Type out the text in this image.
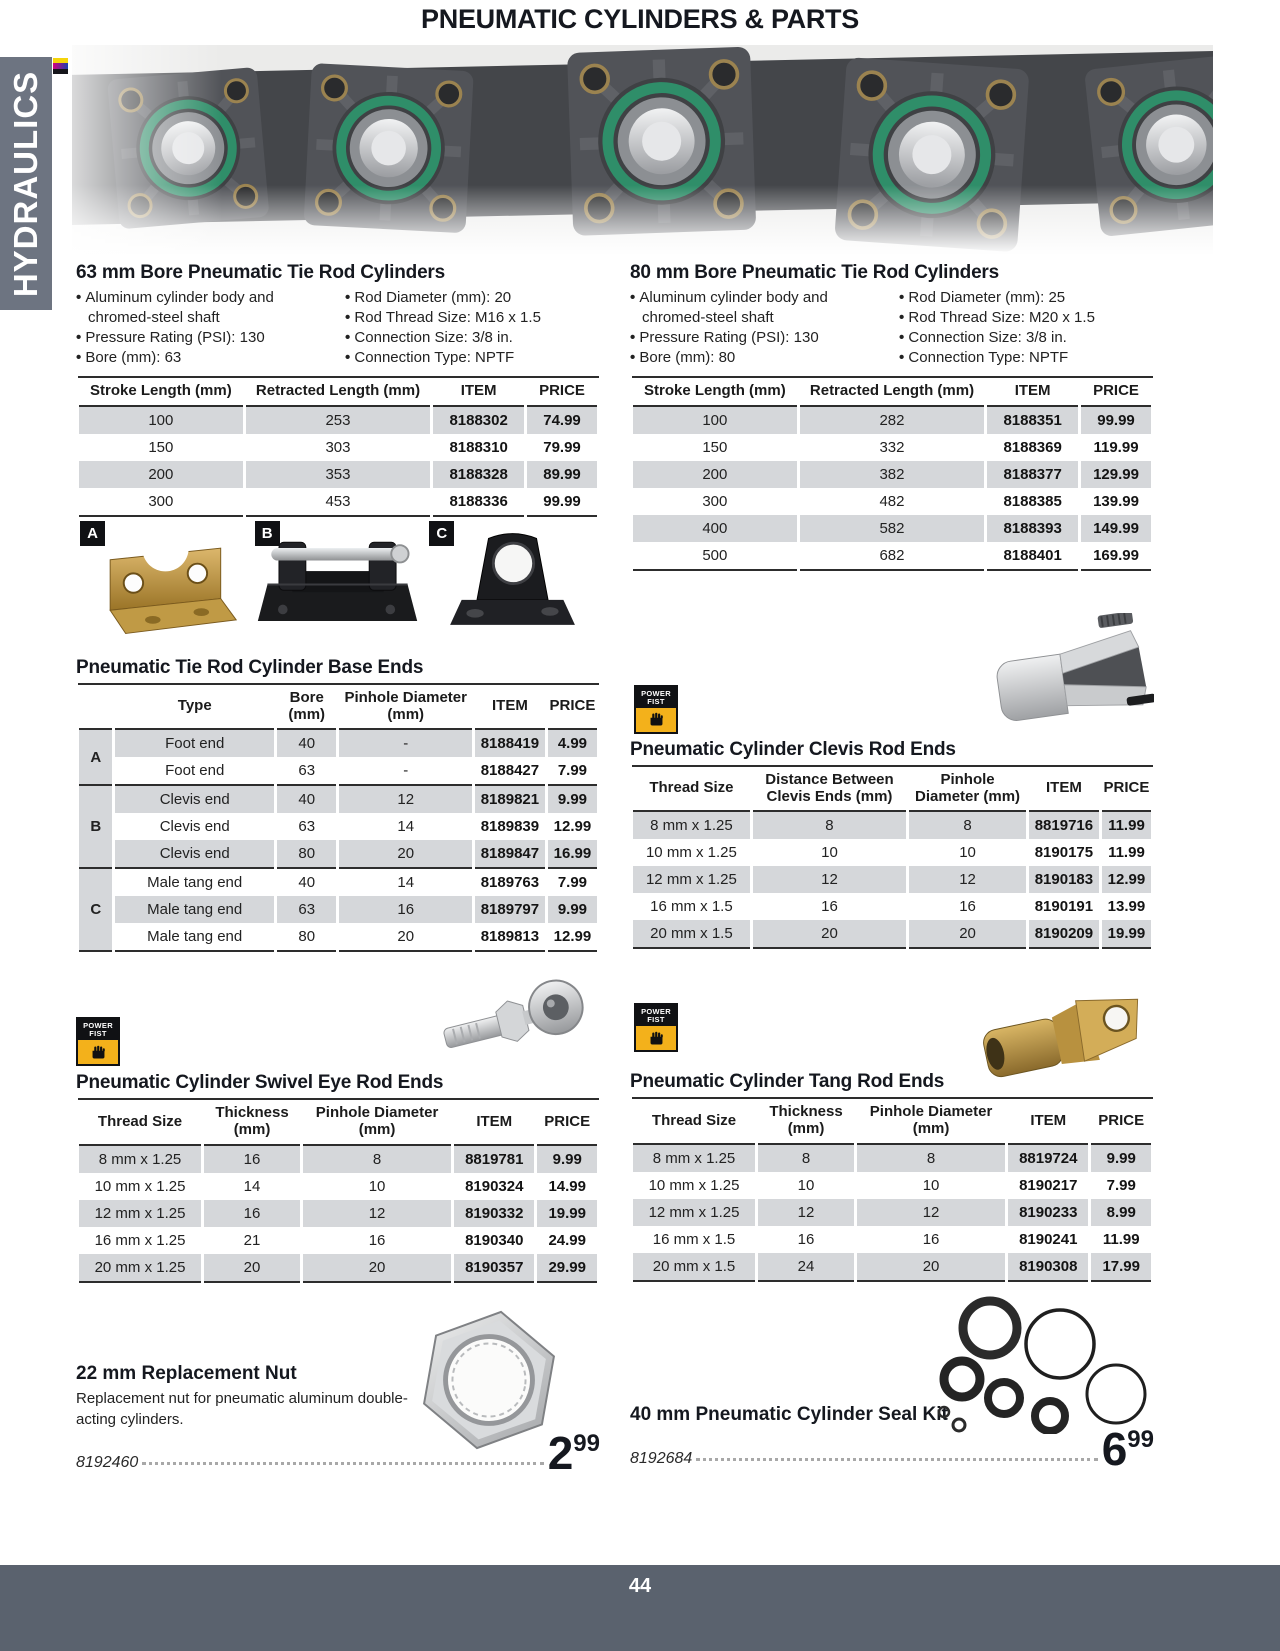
PNEUMATIC CYLINDERS & PARTS
HYDRAULICS 63 mm Bore Pneumatic Tie Rod Cylinders
• Aluminum cylinder body and chromed-steel shaft
• Pressure Rating (PSI): 130
• Bore (mm): 63
• Rod Diameter (mm): 20
• Rod Thread Size: M16 x 1.5
• Connection Size: 3/8 in.
• Connection Type: NPTF
Stroke Length (mm)	Retracted Length (mm)	ITEM	PRICE
100	253	8188302	74.99
150	303	8188310	79.99
200	353	8188328	89.99
300	453	8188336	99.99
A	B	C
Pneumatic Tie Rod Cylinder Base Ends
	Type	Bore (mm)	Pinhole Diameter (mm)	ITEM	PRICE
A	Foot end	40	-	8188419	4.99
	Foot end	63	-	8188427	7.99
B	Clevis end	40	12	8189821	9.99
	Clevis end	63	14	8189839	12.99
	Clevis end	80	20	8189847	16.99
C	Male tang end	40	14	8189763	7.99
	Male tang end	63	16	8189797	9.99
	Male tang end	80	20	8189813	12.99
POWER
FIST
Pneumatic Cylinder Swivel Eye Rod Ends
Thread Size	Thickness (mm)	Pinhole Diameter (mm)	ITEM	PRICE
8 mm x 1.25	16	8	8819781	9.99
10 mm x 1.25	14	10	8190324	14.99
12 mm x 1.25	16	12	8190332	19.99
16 mm x 1.25	21	16	8190340	24.99
20 mm x 1.25	20	20	8190357	29.99
22 mm Replacement Nut

Replacement nut for pneumatic aluminum double-acting cylinders.

8192460	2 99
80 mm Bore Pneumatic Tie Rod Cylinders
• Aluminum cylinder body and chromed-steel shaft
• Pressure Rating (PSI): 130
• Bore (mm): 80
• Rod Diameter (mm): 25
• Rod Thread Size: M20 x 1.5
• Connection Size: 3/8 in.
• Connection Type: NPTF
Stroke Length (mm)	Retracted Length (mm)	ITEM	PRICE
100	282	8188351	99.99
150	332	8188369	119.99
200	382	8188377	129.99
300	482	8188385	139.99
400	582	8188393	149.99
500	682	8188401	169.99
POWER
FIST
Pneumatic Cylinder Clevis Rod Ends
Thread Size	Distance Between Clevis Ends (mm)	Pinhole Diameter (mm)	ITEM	PRICE
8 mm x 1.25	8	8	8819716	11.99
10 mm x 1.25	10	10	8190175	11.99
12 mm x 1.25	12	12	8190183	12.99
16 mm x 1.5	16	16	8190191	13.99
20 mm x 1.5	20	20	8190209	19.99
POWER
FIST
Pneumatic Cylinder Tang Rod Ends
Thread Size	Thickness (mm)	Pinhole Diameter (mm)	ITEM	PRICE
8 mm x 1.25	8	8	8819724	9.99
10 mm x 1.25	10	10	8190217	7.99
12 mm x 1.25	12	12	8190233	8.99
16 mm x 1.5	16	16	8190241	11.99
20 mm x 1.5	24	20	8190308	17.99
40 mm Pneumatic Cylinder Seal Kit
8192684	6 99
44
